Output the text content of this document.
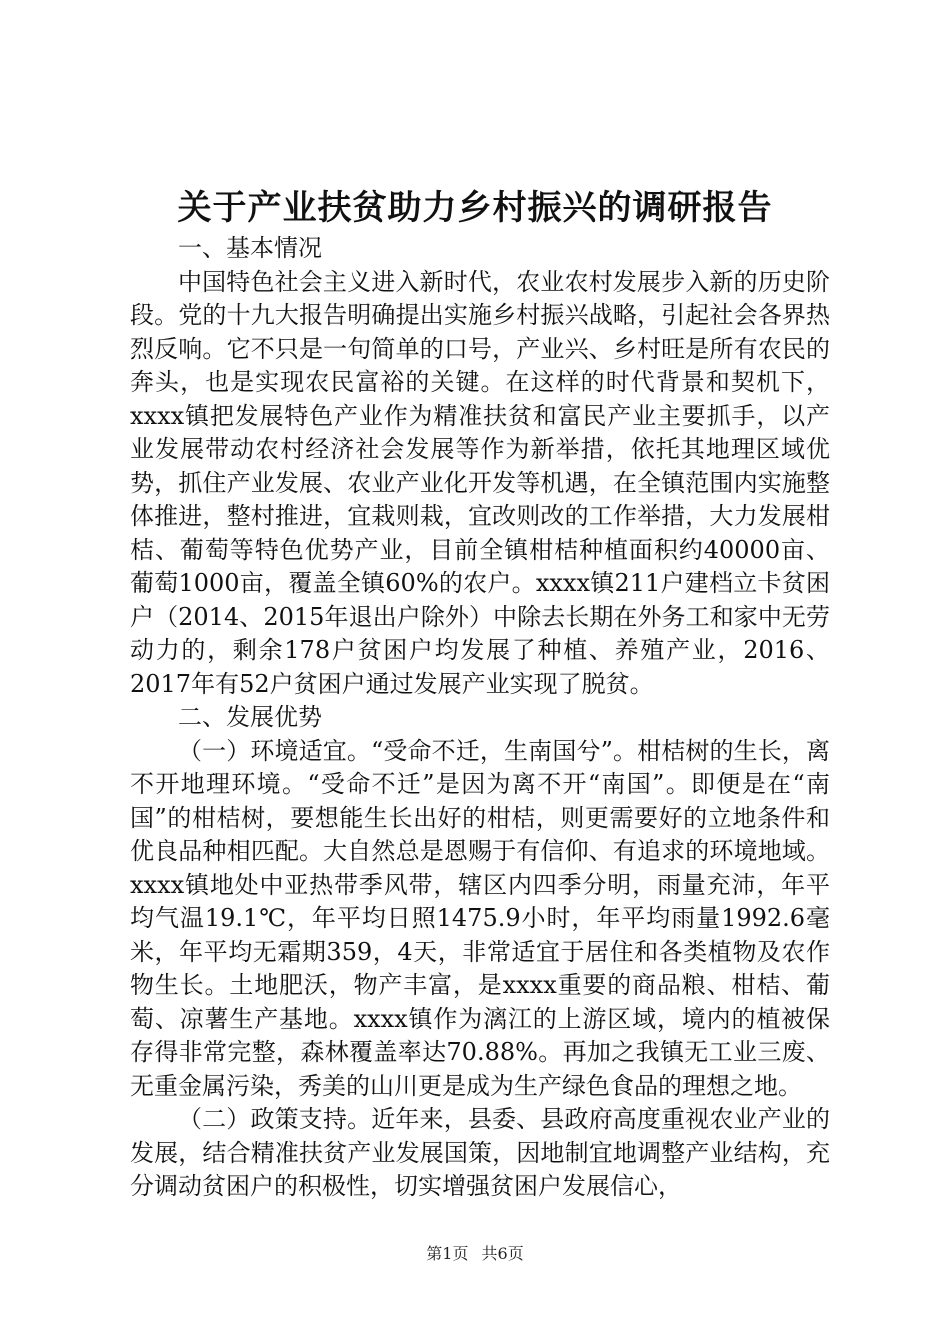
关于产业扶贫助力乡村振兴的调研报告

一、基本情况

中国特色社会主义进入新时代，农业农村发展步入新的历史阶段。党的十九大报告明确提出实施乡村振兴战略，引起社会各界热烈反响。它不只是一句简单的口号，产业兴、乡村旺是所有农民的奔头，也是实现农民富裕的关键。在这样的时代背景和契机下，xxxx镇把发展特色产业作为精准扶贫和富民产业主要抓手，以产业发展带动农村经济社会发展等作为新举措，依托其地理区域优势，抓住产业发展、农业产业化开发等机遇，在全镇范围内实施整体推进，整村推进，宜栽则栽，宜改则改的工作举措，大力发展柑桔、葡萄等特色优势产业，目前全镇柑桔种植面积约40000亩、葡萄1000亩，覆盖全镇60%的农户。xxxx镇211户建档立卡贫困户（2014、2015年退出户除外）中除去长期在外务工和家中无劳动力的，剩余178户贫困户均发展了种植、养殖产业，2016、2017年有52户贫困户通过发展产业实现了脱贫。

二、发展优势

（一）环境适宜。“受命不迁，生南国兮”。柑桔树的生长，离不开地理环境。“受命不迁”是因为离不开“南国”。即便是在“南国”的柑桔树，要想能生长出好的柑桔，则更需要好的立地条件和优良品种相匹配。大自然总是恩赐于有信仰、有追求的环境地域。xxxx镇地处中亚热带季风带，辖区内四季分明，雨量充沛，年平均气温19.1℃，年平均日照1475.9小时，年平均雨量1992.6毫米，年平均无霜期359，4天，非常适宜于居住和各类植物及农作物生长。土地肥沃，物产丰富，是xxxx重要的商品粮、柑桔、葡萄、凉薯生产基地。xxxx镇作为漓江的上游区域，境内的植被保存得非常完整，森林覆盖率达70.88%。再加之我镇无工业三废、无重金属污染，秀美的山川更是成为生产绿色食品的理想之地。

（二）政策支持。近年来，县委、县政府高度重视农业产业的发展，结合精准扶贫产业发展国策，因地制宜地调整产业结构，充分调动贫困户的积极性，切实增强贫困户发展信心，

第1页 共6页
